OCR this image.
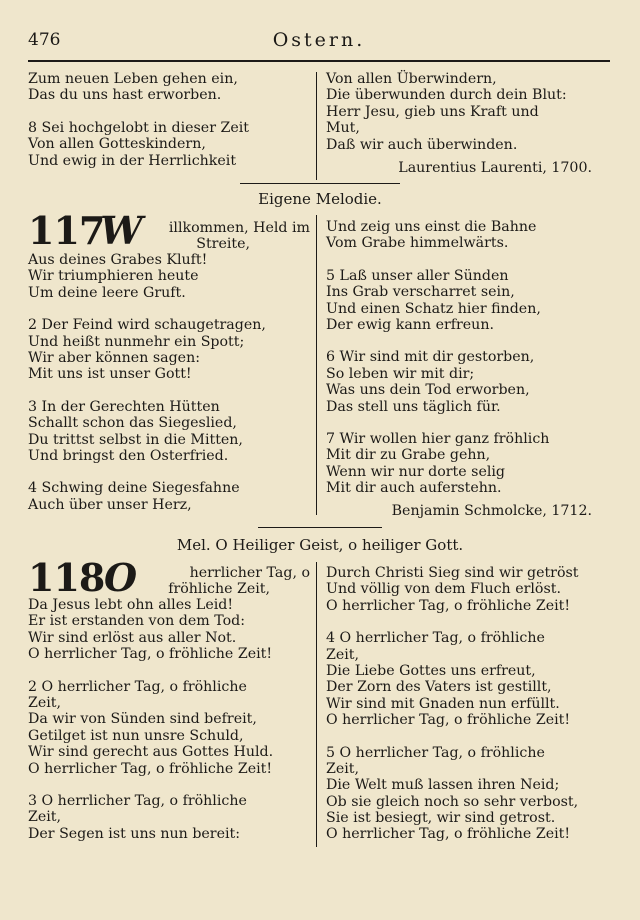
476	Ostern.
Zum neuen Leben gehen ein,
Das du uns hast erworben.
8 Sei hochgelobt in dieser Zeit
Von allen Gotteskindern,
Und ewig in der Herrlichkeit
Von allen Überwindern,
Die überwunden durch dein Blut:
Herr Jesu, gieb uns Kraft und
Mut,
Daß wir auch überwinden.
Laurentius Laurenti, 1700.
Eigene Melodie.
117
W	illkommen, Held im
Streite,
Aus deines Grabes Kluft!
Wir triumphieren heute
Um deine leere Gruft.
2 Der Feind wird schaugetragen,
Und heißt nunmehr ein Spott;
Wir aber können sagen:
Mit uns ist unser Gott!
3 In der Gerechten Hütten
Schallt schon das Siegeslied,
Du trittst selbst in die Mitten,
Und bringst den Osterfried.
4 Schwing deine Siegesfahne
Auch über unser Herz,
Und zeig uns einst die Bahne
Vom Grabe himmelwärts.
5 Laß unser aller Sünden
Ins Grab verscharret sein,
Und einen Schatz hier finden,
Der ewig kann erfreun.
6 Wir sind mit dir gestorben,
So leben wir mit dir;
Was uns dein Tod erworben,
Das stell uns täglich für.
7 Wir wollen hier ganz fröhlich
Mit dir zu Grabe gehn,
Wenn wir nur dorte selig
Mit dir auch auferstehn.
Benjamin Schmolcke, 1712.
Mel. O Heiliger Geist, o heiliger Gott.
118 O	herrlicher Tag, o
fröhliche Zeit,
Da Jesus lebt ohn alles Leid!
Er ist erstanden von dem Tod:
Wir sind erlöst aus aller Not.
O herrlicher Tag, o fröhliche Zeit!
2 O herrlicher Tag, o fröhliche
Zeit,
Da wir von Sünden sind befreit,
Getilget ist nun unsre Schuld,
Wir sind gerecht aus Gottes Huld.
O herrlicher Tag, o fröhliche Zeit!
3 O herrlicher Tag, o fröhliche
Zeit,
Der Segen ist uns nun bereit:
Durch Christi Sieg sind wir getröst
Und völlig von dem Fluch erlöst.
O herrlicher Tag, o fröhliche Zeit!
4 O herrlicher Tag, o fröhliche
Zeit,
Die Liebe Gottes uns erfreut,
Der Zorn des Vaters ist gestillt,
Wir sind mit Gnaden nun erfüllt.
O herrlicher Tag, o fröhliche Zeit!
5 O herrlicher Tag, o fröhliche
Zeit,
Die Welt muß lassen ihren Neid;
Ob sie gleich noch so sehr verbost,
Sie ist besiegt, wir sind getrost.
O herrlicher Tag, o fröhliche Zeit!
